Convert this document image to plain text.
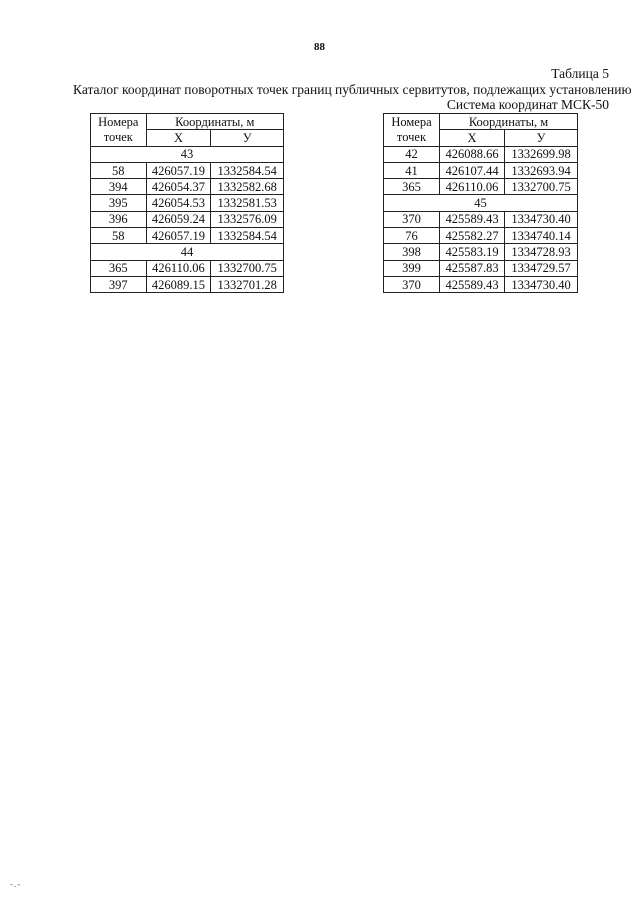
88
Таблица 5
Каталог координат поворотных точек границ публичных сервитутов, подлежащих установлению
Система координат МСК-50
Номера точек	Координаты, м	
	X	У
43		
58	426057.19	1332584.54
394	426054.37	1332582.68
395	426054.53	1332581.53
396	426059.24	1332576.09
58	426057.19	1332584.54
44		
365	426110.06	1332700.75
397	426089.15	1332701.28
Номера точек	Координаты, м	
	X	У
42	426088.66	1332699.98
41	426107.44	1332693.94
365	426110.06	1332700.75
45		
370	425589.43	1334730.40
76	425582.27	1334740.14
398	425583.19	1334728.93
399	425587.83	1334729.57
370	425589.43	1334730.40
-.-
